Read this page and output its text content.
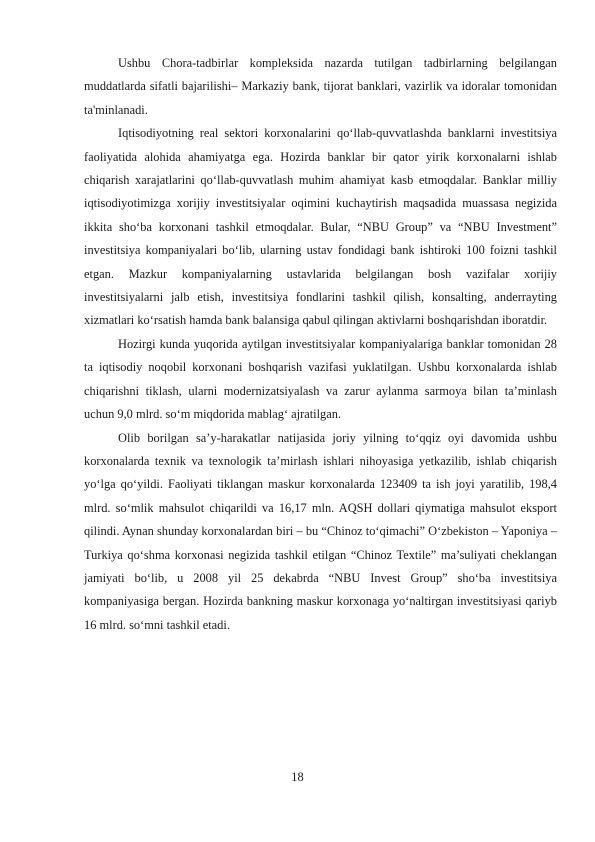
Ushbu Chora-tadbirlar kompleksida nazarda tutilgan tadbirlarning belgilangan muddatlarda sifatli bajarilishi– Markaziy bank, tijorat banklari, vazirlik va idoralar tomonidan ta'minlanadi.

Iqtisodiyotning real sektori korxonalarini qo‘llab-quvvatlashda banklarni investitsiya faoliyatida alohida ahamiyatga ega. Hozirda banklar bir qator yirik korxonalarni ishlab chiqarish xarajatlarini qo‘llab-quvvatlash muhim ahamiyat kasb etmoqdalar. Banklar milliy iqtisodiyotimizga xorijiy investitsiyalar oqimini kuchaytirish maqsadida muassasa negizida ikkita sho‘ba korxonani tashkil etmoqdalar. Bular, “NBU Group” va “NBU Investment” investitsiya kompaniyalari bo‘lib, ularning ustav fondidagi bank ishtiroki 100 foizni tashkil etgan. Mazkur kompaniyalarning ustavlarida belgilangan bosh vazifalar xorijiy investitsiyalarni jalb etish, investitsiya fondlarini tashkil qilish, konsalting, anderrayting xizmatlari ko‘rsatish hamda bank balansiga qabul qilingan aktivlarni boshqarishdan iboratdir.

Hozirgi kunda yuqorida aytilgan investitsiyalar kompaniyalariga banklar tomonidan 28 ta iqtisodiy noqobil korxonani boshqarish vazifasi yuklatilgan. Ushbu korxonalarda ishlab chiqarishni tiklash, ularni modernizatsiyalash va zarur aylanma sarmoya bilan ta’minlash uchun 9,0 mlrd. so‘m miqdorida mablag‘ ajratilgan.

Olib borilgan sa’y-harakatlar natijasida joriy yilning to‘qqiz oyi davomida ushbu korxonalarda texnik va texnologik ta’mirlash ishlari nihoyasiga yetkazilib, ishlab chiqarish yo‘lga qo‘yildi. Faoliyati tiklangan maskur korxonalarda 123409 ta ish joyi yaratilib, 198,4 mlrd. so‘mlik mahsulot chiqarildi va 16,17 mln. AQSH dollari qiymatiga mahsulot eksport qilindi. Aynan shunday korxonalardan biri – bu “Chinoz to‘qimachi” O‘zbekiston – Yaponiya – Turkiya qo‘shma korxonasi negizida tashkil etilgan “Chinoz Textile” ma’suliyati cheklangan jamiyati bo‘lib, u 2008 yil 25 dekabrda “NBU Invest Group” sho‘ba investitsiya kompaniyasiga bergan. Hozirda bankning maskur korxonaga yo‘naltirgan investitsiyasi qariyb 16 mlrd. so‘mni tashkil etadi.

18
